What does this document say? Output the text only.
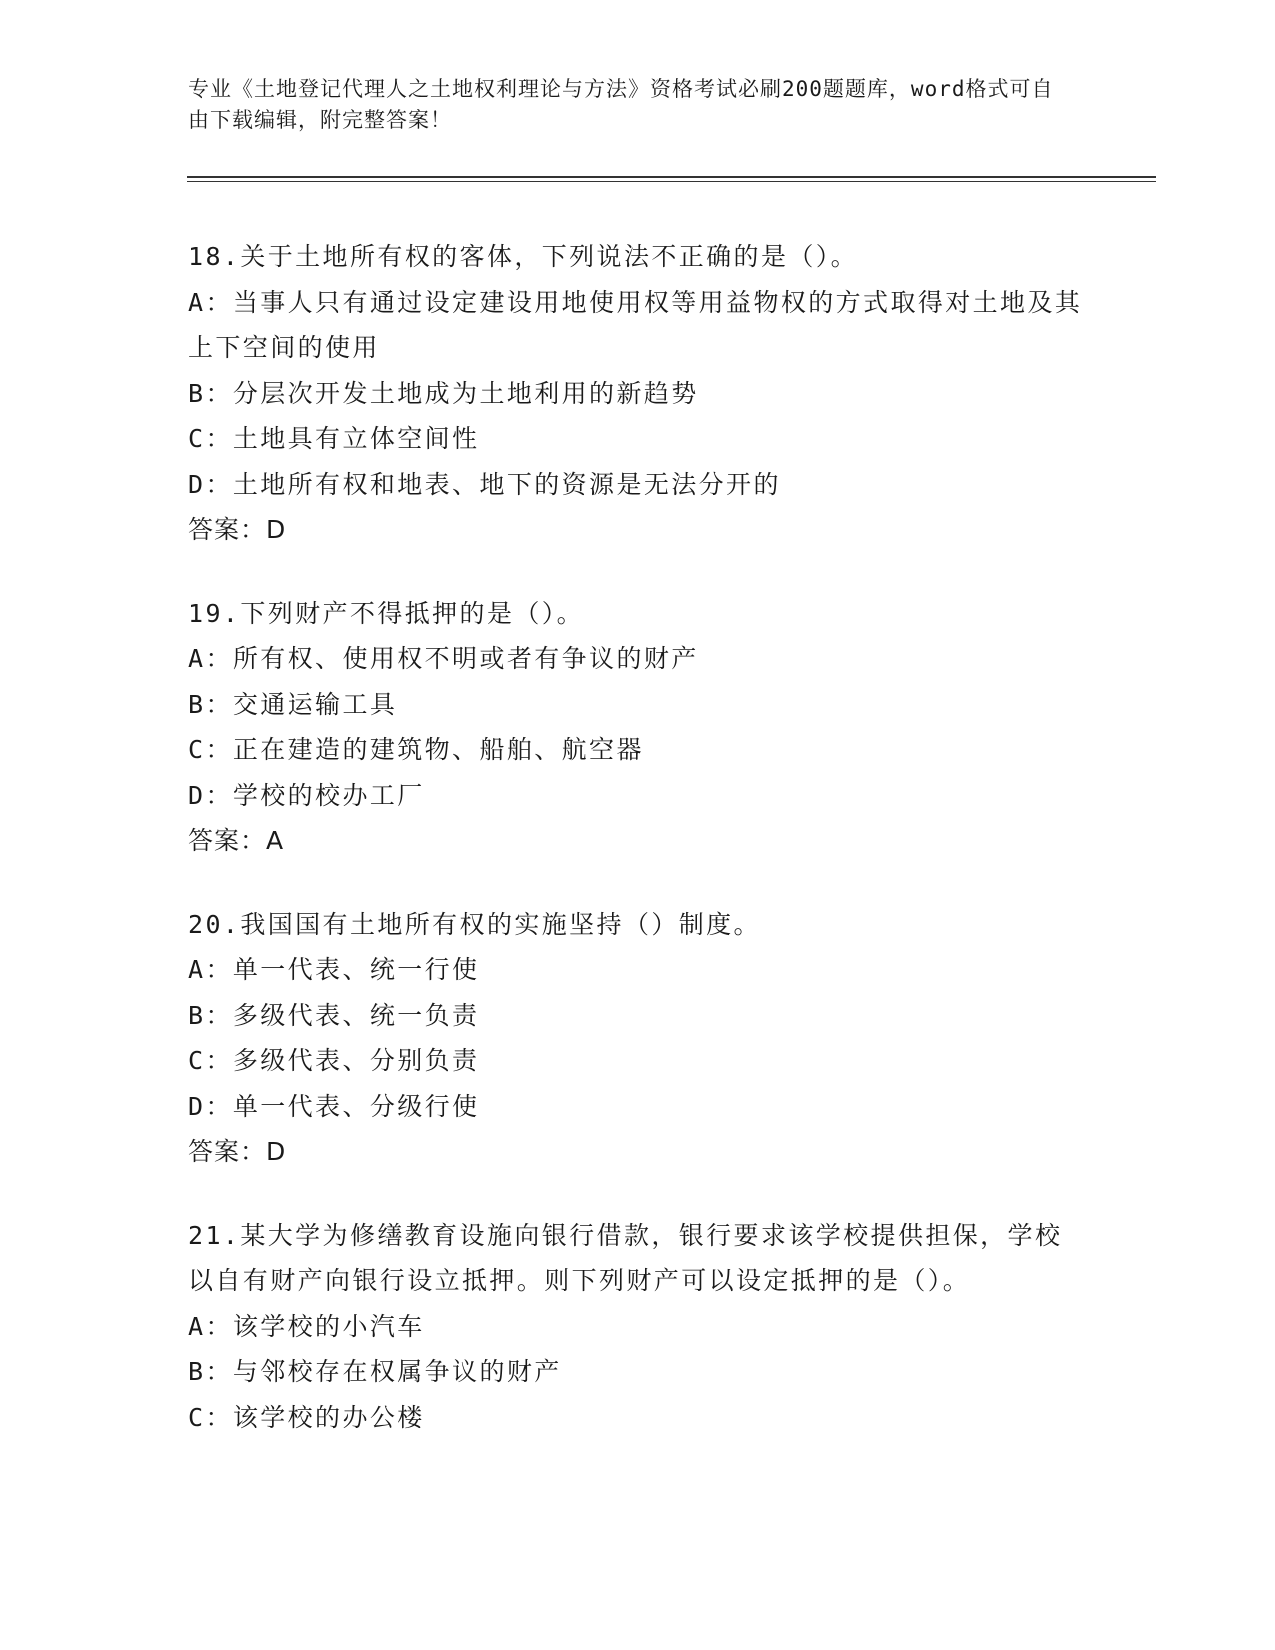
专业《土地登记代理人之土地权利理论与方法》资格考试必刷200题题库，word格式可自由下载编辑，附完整答案！
18.关于土地所有权的客体，下列说法不正确的是（）。
A：当事人只有通过设定建设用地使用权等用益物权的方式取得对土地及其上下空间的使用
B：分层次开发土地成为土地利用的新趋势
C：土地具有立体空间性
D：土地所有权和地表、地下的资源是无法分开的
答案：D
19.下列财产不得抵押的是（）。
A：所有权、使用权不明或者有争议的财产
B：交通运输工具
C：正在建造的建筑物、船舶、航空器
D：学校的校办工厂
答案：A
20.我国国有土地所有权的实施坚持（）制度。
A：单一代表、统一行使
B：多级代表、统一负责
C：多级代表、分别负责
D：单一代表、分级行使
答案：D
21.某大学为修缮教育设施向银行借款，银行要求该学校提供担保，学校以自有财产向银行设立抵押。则下列财产可以设定抵押的是（）。
A：该学校的小汽车
B：与邻校存在权属争议的财产
C：该学校的办公楼
